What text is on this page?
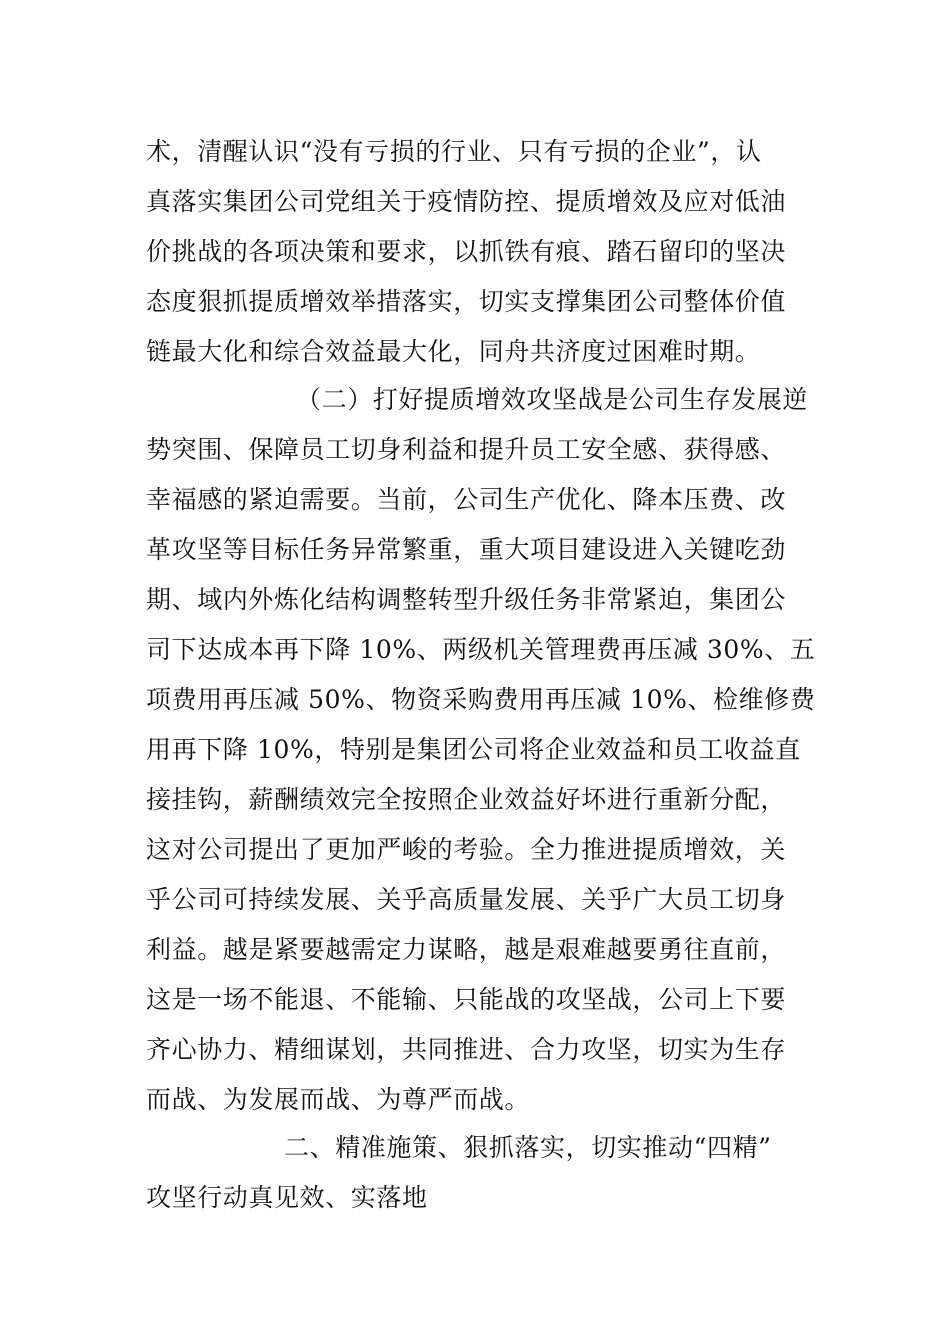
术，清醒认识“没有亏损的行业、只有亏损的企业”，认
真落实集团公司党组关于疫情防控、提质增效及应对低油
价挑战的各项决策和要求，以抓铁有痕、踏石留印的坚决
态度狠抓提质增效举措落实，切实支撑集团公司整体价值
链最大化和综合效益最大化，同舟共济度过困难时期。
（二）打好提质增效攻坚战是公司生存发展逆
势突围、保障员工切身利益和提升员工安全感、获得感、
幸福感的紧迫需要。当前，公司生产优化、降本压费、改
革攻坚等目标任务异常繁重，重大项目建设进入关键吃劲
期、域内外炼化结构调整转型升级任务非常紧迫，集团公
司下达成本再下降 10%、两级机关管理费再压减 30%、五
项费用再压减 50%、物资采购费用再压减 10%、检维修费
用再下降 10%，特别是集团公司将企业效益和员工收益直
接挂钩，薪酬绩效完全按照企业效益好坏进行重新分配，
这对公司提出了更加严峻的考验。全力推进提质增效，关
乎公司可持续发展、关乎高质量发展、关乎广大员工切身
利益。越是紧要越需定力谋略，越是艰难越要勇往直前，
这是一场不能退、不能输、只能战的攻坚战，公司上下要
齐心协力、精细谋划，共同推进、合力攻坚，切实为生存
而战、为发展而战、为尊严而战。
二、精准施策、狠抓落实，切实推动“四精”
攻坚行动真见效、实落地
